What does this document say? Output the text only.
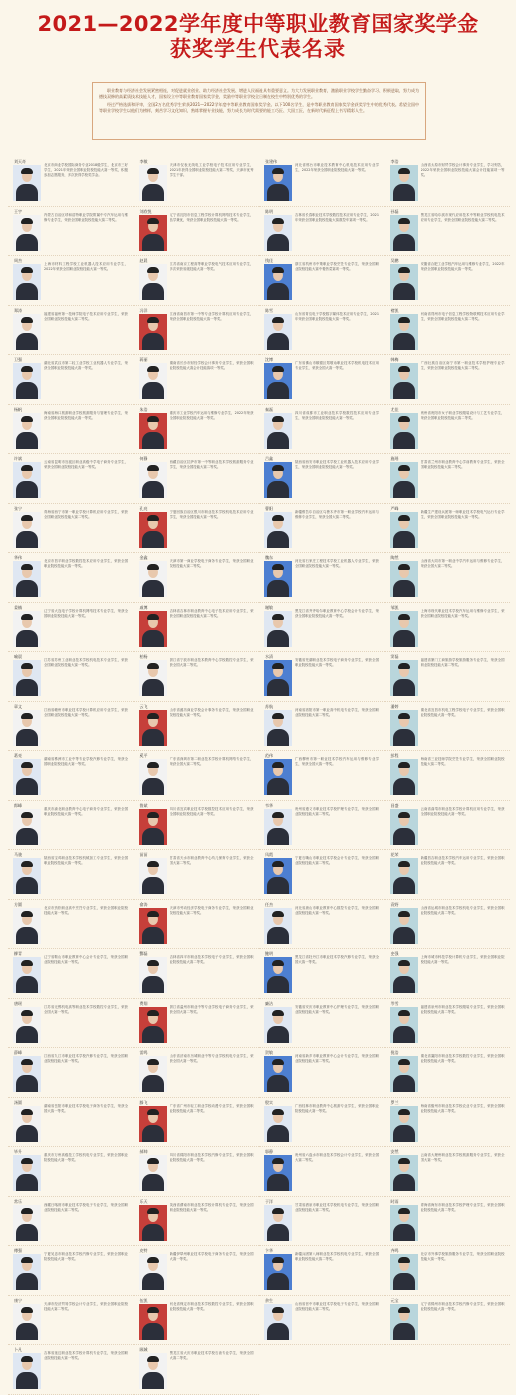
2021—2022学年度中等职业教育国家奖学金
获奖学生代表名录

职业教育与经济社会发展紧密相连，对促进就业创业、助力经济社会发展、增进人民福祉具有重要意义。为大力发展职业教育，激励职业学校学生勤奋学习、积极进取，努力成为德技双修的高素质技术技能人才，国家设立中等职业教育国家奖学金，奖励中等职业学校全日制在校生中特别优秀的学生。

经过严格选拔和评审，全国2万名优秀学生荣获2021—2022学年度中等职业教育国家奖学金。以下100名学生，是中等职业教育国家奖学金获奖学生中的优秀代表。希望全国中等职业学校学生以他们为榜样，刻苦学习文化知识，熟练掌握专业技能，努力成长为时代需要的能工巧匠、大国工匠，在新时代新征程上书写精彩人生。

刘天奇
北京市商业学校国际商务专业2018级学生，北京市三好学生，2021年荣获全国职业院校技能大赛一等奖，积极参加志愿服务，多次获得学校奖学金。
李敏
天津市仪表无线电工业学校电子技术应用专业学生，2021年获得全国职业院校技能大赛二等奖，天津市优秀学生干部。
张建伟
河北省邢台市职业技术教育中心机电技术应用专业学生，2022年荣获全国职业院校技能大赛一等奖。
李浩
山西省太原市财贸学校会计事务专业学生，学习刻苦，2022年荣获全国职业院校技能大赛会计技能赛项一等奖。
王宇
内蒙古自治区呼和浩特职业学院附属中专汽车运用与维修专业学生，荣获全国职业院校技能大赛二等奖。
刘欣悦
辽宁省沈阳市信息工程学校计算机网络技术专业学生，品学兼优，荣获全国职业院校技能大赛一等奖。
陈明
吉林省长春职业技术学校数控技术应用专业学生，2021年荣获全国职业院校技能大赛数控车赛项一等奖。
孙磊
黑龙江省哈尔滨市现代应用技术中等职业学校机电技术应用专业学生，荣获全国职业院校技能大赛二等奖。
周杰
上海市材料工程学校工业机器人技术应用专业学生，2022年荣获全国职业院校技能大赛一等奖。
赵晨
江苏省南京工程高等职业学校电气技术应用专业学生，多次荣获省级技能大赛一等奖。
钱佳
浙江省杭州市中策职业学校烹饪专业学生，荣获全国职业院校技能大赛中餐热菜赛项一等奖。
吴鹏
安徽省合肥工业学校汽车运用与维修专业学生，2022年荣获全国职业院校技能大赛一等奖。
郑涛
福建省福州第一技师学院电子技术应用专业学生，荣获全国职业院校技能大赛二等奖。
冯洋
江西省南昌市第一中等专业学校计算机应用专业学生，荣获全国职业院校技能大赛一等奖。
陈雪
山东省青岛电子学校数字媒体技术应用专业学生，2021年荣获全国职业院校技能大赛一等奖。
褚凯
河南省郑州市电子信息工程学校物联网技术应用专业学生，荣获全国职业院校技能大赛二等奖。
卫强
湖北省武汉市第二轻工业学校工业机器人专业学生，荣获全国职业院校技能大赛一等奖。
蒋丽
湖南省长沙市财经学校会计事务专业学生，荣获全国职业院校技能大赛会计技能赛项一等奖。
沈博
广东省佛山市顺德区郑敬诒职业技术学校机电技术应用专业学生，荣获全国大赛一等奖。
韩梅
广西壮族自治区南宁市第一职业技术学校护理专业学生，荣获全国职业院校技能大赛二等奖。
杨帆
海南省海口旅游职业学校旅游服务与管理专业学生，荣获全国职业院校技能大赛一等奖。
朱浩
重庆市工业学校汽车运用与维修专业学生，2022年荣获全国职业院校技能大赛一等奖。
秦磊
四川省成都市工业职业技术学校数控技术应用专业学生，荣获全国职业院校技能大赛一等奖。
尤佳
贵州省贵阳市女子职业学校服装设计与工艺专业学生，荣获全国职业院校技能大赛二等奖。
许斌
云南省昆明市官渡区职业高级中学电子商务专业学生，荣获全国职业院校技能大赛一等奖。
何静
西藏自治区拉萨市第一中等职业技术学校旅游服务专业学生，荣获全国技能大赛二等奖。
吕鑫
陕西省西安市职业技术学校工业机器人技术应用专业学生，荣获全国职业院校技能大赛一等奖。
施瑶
甘肃省兰州市职业教育中心学前教育专业学生，荣获全国职业院校技能大赛二等奖。
张宁
青海省西宁市第一职业学校计算机应用专业学生，荣获全国职业院校技能大赛二等奖。
孔亮
宁夏回族自治区银川市职业技术学校机电技术应用专业学生，荣获全国技能大赛一等奖。
曹阳
新疆维吾尔自治区乌鲁木齐市第一职业学校汽车运用与维修专业学生，荣获全国大赛二等奖。
严峰
新疆生产建设兵团第一师职业技术学校电气运行专业学生，荣获全国职业院校技能大赛一等奖。
华伟
北京市昌平职业学校数控技术应用专业学生，荣获全国职业院校技能大赛一等奖。
金鑫
天津市第一商业学校电子商务专业学生，荣获全国职业院校技能大赛二等奖。
魏东
河北省石家庄工程技术学校工业机器人专业学生，荣获全国职业院校技能大赛一等奖。
陶然
山西省大同市第一职业中学汽车运用与维修专业学生，荣获全国大赛二等奖。
姜楠
辽宁省大连电子学校计算机网络技术专业学生，荣获全国职业院校技能大赛一等奖。
戚博
吉林省吉林市职业教育中心电子技术应用专业学生，荣获全国职业院校技能大赛二等奖。
谢敏
黑龙江省齐齐哈尔职业教育中心学校会计专业学生，荣获全国职业院校技能大赛一等奖。
邹凯
上海市现代职业技术学校汽车运用与维修专业学生，荣获全国职业院校技能大赛一等奖。
喻晨
江苏省苏州工业职业技术学校机电技术专业学生，荣获全国职业院校技能大赛一等奖。
柏杨
浙江省宁波市职业技术教育中心学校数控专业学生，荣获全国大赛二等奖。
水清
安徽省芜湖职业技术学校电子商务专业学生，荣获全国职业院校技能大赛一等奖。
窦磊
福建省厦门工商旅游学校旅游服务专业学生，荣获全国职业院校技能大赛二等奖。
章文
江西省赣州市职业技术学校计算机应用专业学生，荣获全国职业院校技能大赛一等奖。
云飞
山东省潍坊商业学校会计事务专业学生，荣获全国职业院校技能大赛一等奖。
苏航
河南省洛阳市第一职业高中机电专业学生，荣获全国职业院校技能大赛二等奖。
潘婷
湖北省宜昌市机电工程学校电子专业学生，荣获全国职业院校技能大赛一等奖。
葛亮
湖南省株洲市工业中等专业学校汽修专业学生，荣获全国职业院校技能大赛一等奖。
奚平
广东省深圳市第二职业技术学校计算机网络专业学生，荣获全国大赛二等奖。
范伟
广西柳州市第一职业技术学校汽车运用与维修专业学生，荣获全国大赛一等奖。
彭程
海南省三亚技师学院烹饪专业学生，荣获全国职业院校技能大赛二等奖。
郎峰
重庆市渝北职业教育中心电子商务专业学生，荣获全国职业院校技能大赛一等奖。
鲁斌
四川省宜宾职业技术学校数控技术应用专业学生，荣获全国职业院校技能大赛一等奖。
韦华
贵州省遵义市职业技术学校护理专业学生，荣获全国职业院校技能大赛二等奖。
昌盛
云南省曲靖市职业技术学校计算机应用专业学生，荣获全国职业院校技能大赛一等奖。
马骏
陕西省宝鸡职业技术学校机械加工专业学生，荣获全国职业院校技能大赛一等奖。
苗苗
甘肃省天水市职业教育中心幼儿保育专业学生，荣获全国大赛二等奖。
凤霞
宁夏石嘴山市职业技术学校会计专业学生，荣获全国职业院校技能大赛二等奖。
花荣
新疆昌吉职业技术学校汽车运用专业学生，荣获全国职业院校技能大赛一等奖。
方圆
北京市劲松职业高中烹饪专业学生，荣获全国职业院校技能大赛一等奖。
俞涛
天津市劳动经济学校电子商务专业学生，荣获全国职业院校技能大赛二等奖。
任杰
河北省唐山市职业教育中心数控专业学生，荣获全国职业院校技能大赛一等奖。
袁野
山西省运城市职业技术学校机电专业学生，荣获全国职业院校技能大赛二等奖。
柳青
辽宁省鞍山市职业教育中心会计专业学生，荣获全国职业院校技能大赛一等奖。
酆磊
吉林省四平市职业技术学校电子专业学生，荣获全国职业院校技能大赛二等奖。
鲍明
黑龙江省牡丹江市职业技术学校汽修专业学生，荣获全国大赛一等奖。
史强
上海市城市科技学校计算机专业学生，荣获全国职业院校技能大赛一等奖。
唐瑶
江苏省无锡机电高等职业技术学校数控专业学生，荣获全国大赛一等奖。
费翔
浙江省温州市职业中等专业学校电子商务专业学生，荣获全国大赛二等奖。
廉洁
安徽省安庆市职业教育中心护理专业学生，荣获全国职业院校技能大赛一等奖。
岑雪
福建省泉州市职业技术学校服装专业学生，荣获全国职业院校技能大赛二等奖。
薛峰
江西省九江市职业技术学校汽修专业学生，荣获全国职业院校技能大赛一等奖。
雷鸣
山东省济南市历城职业中等专业学校机电专业学生，荣获全国大赛一等奖。
贺敏
河南省新乡市职业教育中心会计专业学生，荣获全国职业院校技能大赛二等奖。
倪浩
湖北省襄阳市职业技术学校数控专业学生，荣获全国职业院校技能大赛一等奖。
汤圆
湖南省岳阳市职业技术学校电子商务专业学生，荣获全国大赛一等奖。
滕飞
广东省广州市轻工职业学校动漫专业学生，荣获全国职业院校技能大赛二等奖。
殷实
广西桂林市职业教育中心旅游专业学生，荣获全国职业院校技能大赛一等奖。
罗兰
海南省儋州市职业技术学校农业专业学生，荣获全国职业院校技能大赛二等奖。
毕升
重庆市万州高级技工学校机电专业学生，荣获全国职业院校技能大赛一等奖。
郝帅
四川省绵阳市职业技术学校汽修专业学生，荣获全国职业院校技能大赛一等奖。
邬静
贵州省六盘水市职业技术学校会计专业学生，荣获全国大赛二等奖。
安然
云南省大理州职业技术学校旅游服务专业学生，荣获全国大赛一等奖。
常乐
西藏日喀则市职业技术学校电子专业学生，荣获全国职业院校技能大赛二等奖。
乐天
陕西省渭南市职业技术学校计算机专业学生，荣获全国职业院校技能大赛一等奖。
于洋
甘肃省酒泉市职业技术学校机电专业学生，荣获全国职业院校技能大赛二等奖。
时雨
青海省海东市职业技术学校护理专业学生，荣获全国职业院校技能大赛二等奖。
傅强
宁夏吴忠市职业技术学校汽修专业学生，荣获全国职业院校技能大赛一等奖。
皮特
新疆伊犁州职业技术学校电子商务专业学生，荣获全国大赛一等奖。
卞华
新疆兵团第八师职业技术学校机电专业学生，荣获全国职业院校技能大赛二等奖。
齐鸣
北京市外事学校旅游服务专业学生，荣获全国职业院校技能大赛一等奖。
康宁
天津市经济贸易学校会计专业学生，荣获全国职业院校技能大赛二等奖。
伍凯
河北省保定市职业技术学校数控专业学生，荣获全国职业院校技能大赛一等奖。
余生
山西省晋中市职业技术学校电子专业学生，荣获全国职业院校技能大赛二等奖。
元宝
辽宁省锦州市职业技术学校汽修专业学生，荣获全国职业院校技能大赛一等奖。
卜凡
吉林省延边职业技术学校计算机专业学生，荣获全国职业院校技能大赛一等奖。
顾城
黑龙江省大庆市职业技术学校石油专业学生，荣获全国大赛二等奖。
